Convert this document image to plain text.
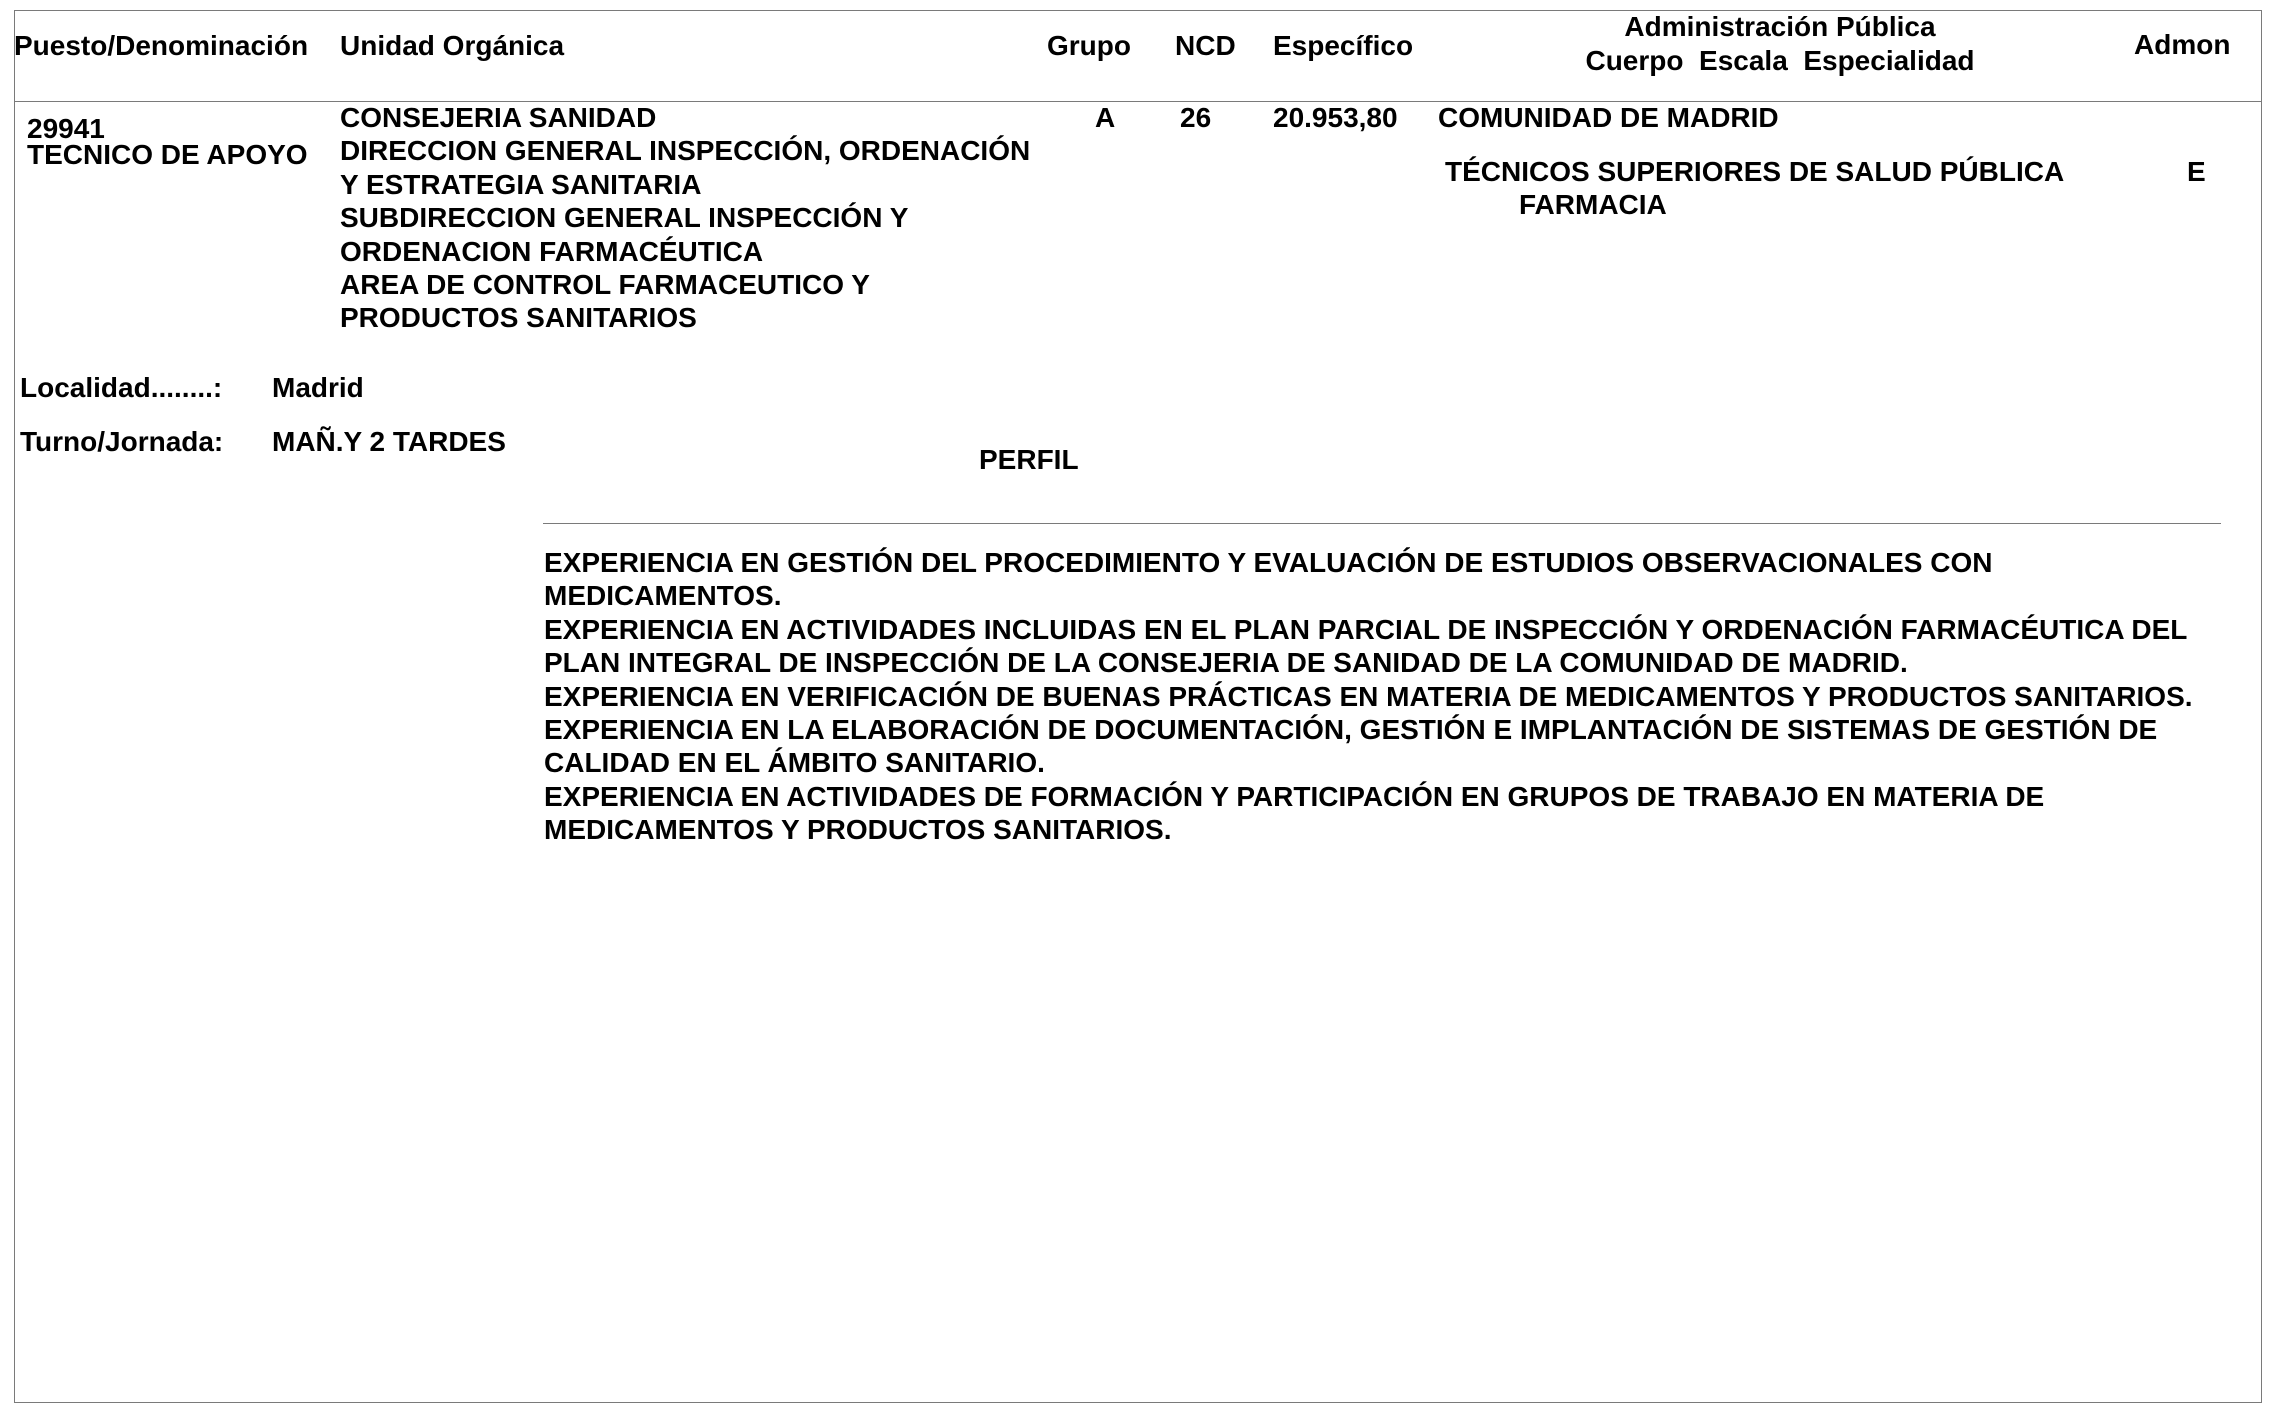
Puesto/Denominación Unidad Orgánica	Grupo NCD Específico
Administración Pública
Cuerpo  Escala  Especialidad
Admon
29941
TECNICO DE APOYO
CONSEJERIA SANIDAD
DIRECCION GENERAL INSPECCIÓN, ORDENACIÓN
Y ESTRATEGIA SANITARIA
SUBDIRECCION GENERAL INSPECCIÓN Y
ORDENACION FARMACÉUTICA
AREA DE CONTROL FARMACEUTICO Y
PRODUCTOS SANITARIOS
A 26 20.953,80 COMUNIDAD DE MADRID
TÉCNICOS SUPERIORES DE SALUD PÚBLICA
FARMACIA
E
Localidad........: Madrid
Turno/Jornada: MAÑ.Y 2 TARDES
PERFIL
EXPERIENCIA EN GESTIÓN DEL PROCEDIMIENTO Y EVALUACIÓN DE ESTUDIOS OBSERVACIONALES CON
MEDICAMENTOS.
EXPERIENCIA EN ACTIVIDADES INCLUIDAS EN EL PLAN PARCIAL DE INSPECCIÓN Y ORDENACIÓN FARMACÉUTICA DEL
PLAN INTEGRAL DE INSPECCIÓN DE LA CONSEJERIA DE SANIDAD DE LA COMUNIDAD DE MADRID.
EXPERIENCIA EN VERIFICACIÓN DE BUENAS PRÁCTICAS EN MATERIA DE MEDICAMENTOS Y PRODUCTOS SANITARIOS.
EXPERIENCIA EN LA ELABORACIÓN DE DOCUMENTACIÓN, GESTIÓN E IMPLANTACIÓN DE SISTEMAS DE GESTIÓN DE
CALIDAD EN EL ÁMBITO SANITARIO.
EXPERIENCIA EN ACTIVIDADES DE FORMACIÓN Y PARTICIPACIÓN EN GRUPOS DE TRABAJO EN MATERIA DE
MEDICAMENTOS Y PRODUCTOS SANITARIOS.
